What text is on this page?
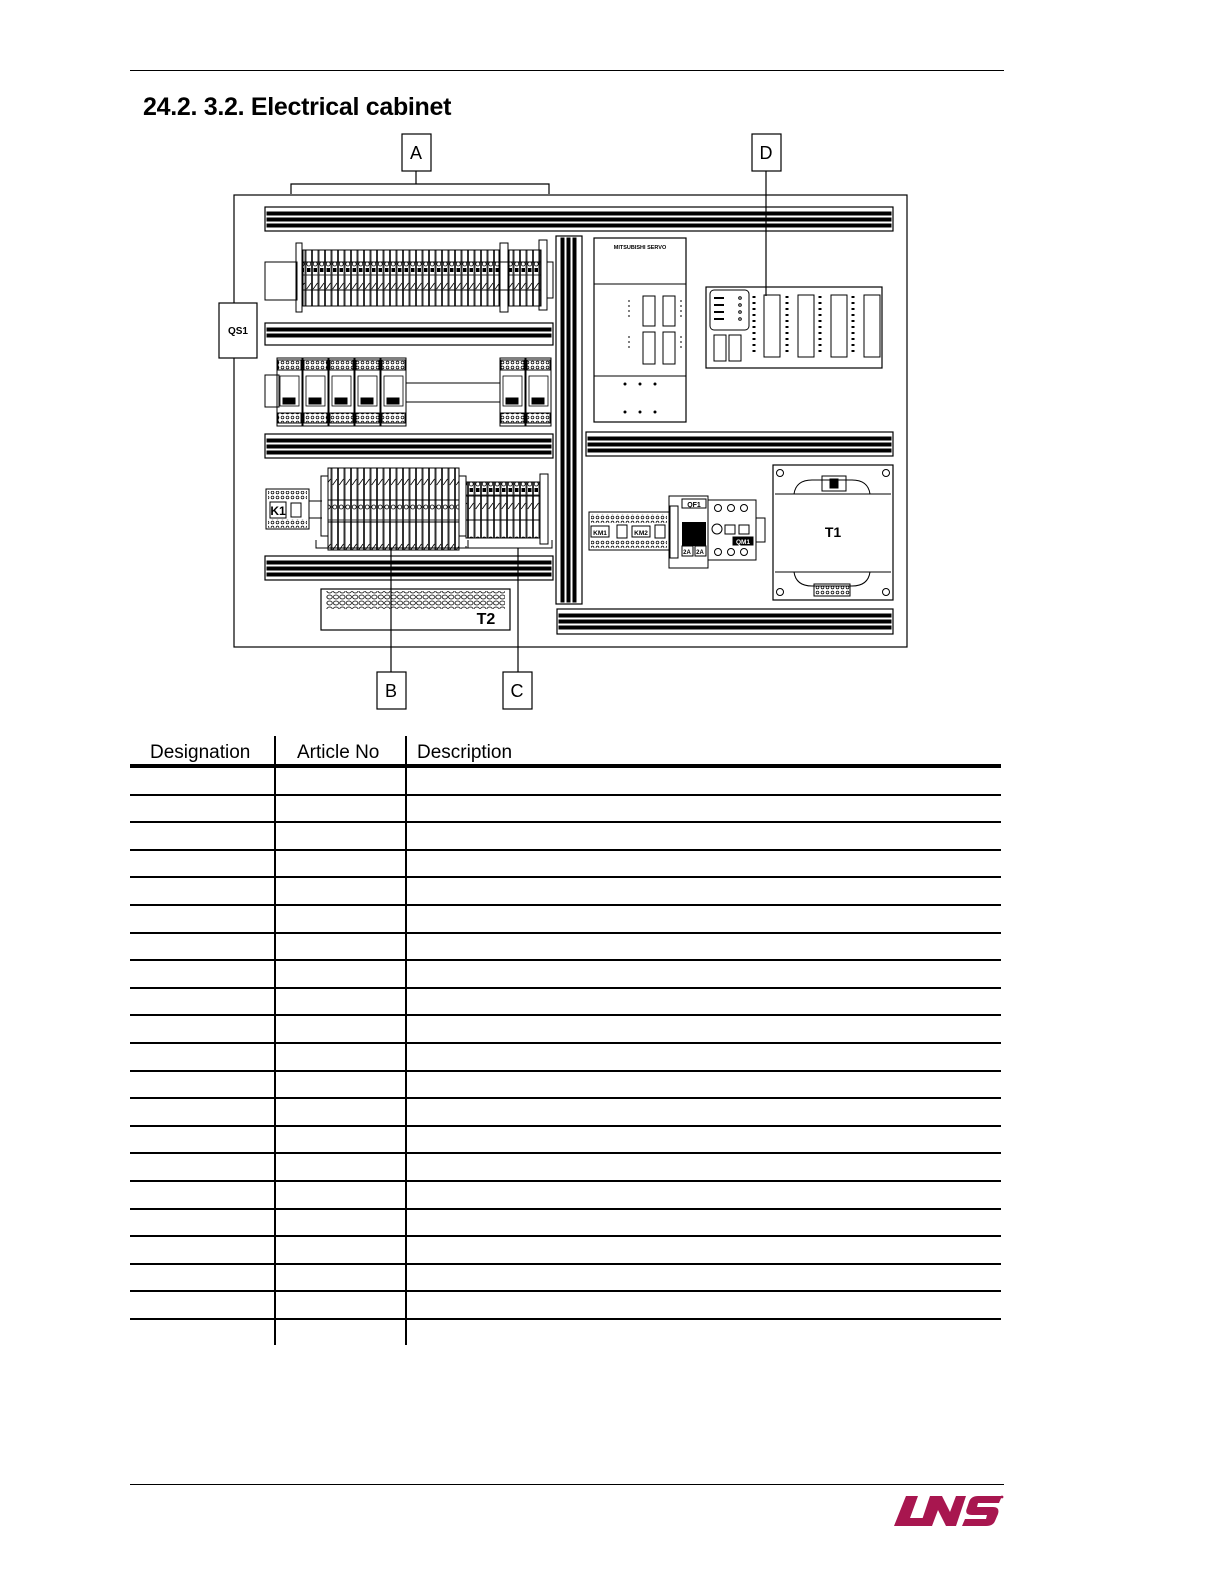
24.2. 3.2. Electrical cabinet
QS1
K1
T2
MITSUBISHI SERVO
KM1	KM2
QF1
2A 2A
QM1
T1
A	D
B	C
Designation	Article No	Description
